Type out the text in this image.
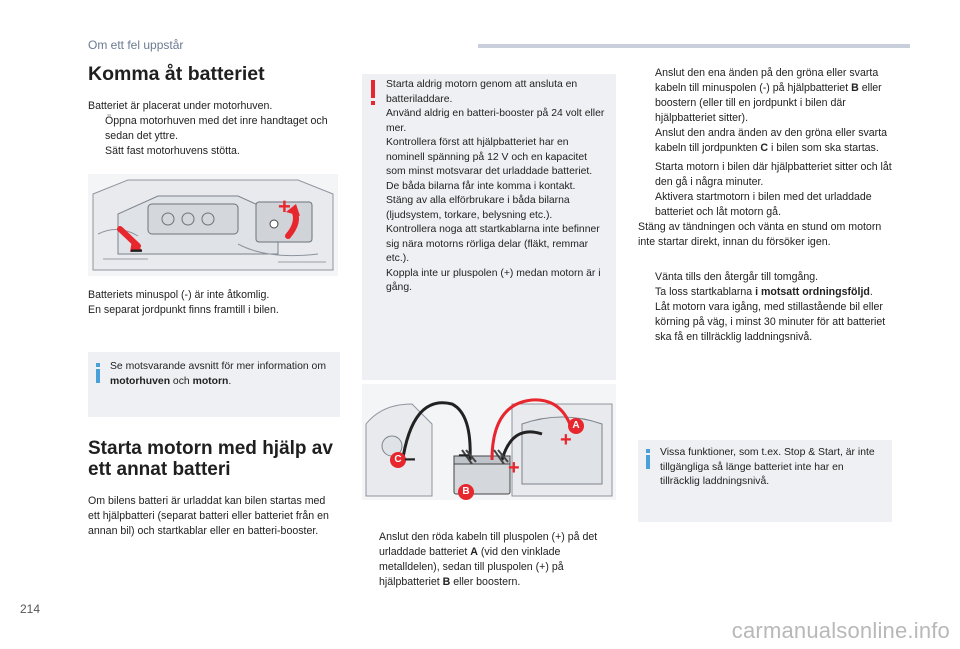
Om ett fel uppstår
Komma åt batteriet
Batteriet är placerat under motorhuven.
Öppna motorhuven med det inre handtaget och sedan det yttre.
Sätt fast motorhuvens stötta.
+
−
Batteriets minuspol (-) är inte åtkomlig.
En separat jordpunkt finns framtill i bilen.
Se motsvarande avsnitt för mer information om motorhuven och motorn.
Starta motorn med hjälp av ett annat batteri
Om bilens batteri är urladdat kan bilen startas med ett hjälpbatteri (separat batteri eller batteriet från en annan bil) och startkablar eller en batteri-booster.
Starta aldrig motorn genom att ansluta en batteriladdare.
Använd aldrig en batteri-booster på 24 volt eller mer.
Kontrollera först att hjälpbatteriet har en nominell spänning på 12 V och en kapacitet som minst motsvarar det urladdade batteriet.
De båda bilarna får inte komma i kontakt.
Stäng av alla elförbrukare i båda bilarna (ljudsystem, torkare, belysning etc.).
Kontrollera noga att startkablarna inte befinner sig nära motorns rörliga delar (fläkt, remmar etc.).
Koppla inte ur pluspolen (+) medan motorn är i gång.
A
B
C
+
+
−
−
Anslut den röda kabeln till pluspolen (+) på det urladdade batteriet A (vid den vinklade metalldelen), sedan till pluspolen (+) på hjälpbatteriet B eller boostern.
Anslut den ena änden på den gröna eller svarta kabeln till minuspolen (-) på hjälpbatteriet B eller boostern (eller till en jordpunkt i bilen där hjälpbatteriet sitter).
Anslut den andra änden av den gröna eller svarta kabeln till jordpunkten C i bilen som ska startas.
Starta motorn i bilen där hjälpbatteriet sitter och låt den gå i några minuter.
Aktivera startmotorn i bilen med det urladdade batteriet och låt motorn gå.
Stäng av tändningen och vänta en stund om motorn inte startar direkt, innan du försöker igen.
Vänta tills den återgår till tomgång.
Ta loss startkablarna i motsatt ordningsföljd.
Låt motorn vara igång, med stillastående bil eller körning på väg, i minst 30 minuter för att batteriet ska få en tillräcklig laddningsnivå.
Vissa funktioner, som t.ex. Stop & Start, är inte tillgängliga så länge batteriet inte har en tillräcklig laddningsnivå.
214
carmanualsonline.info
